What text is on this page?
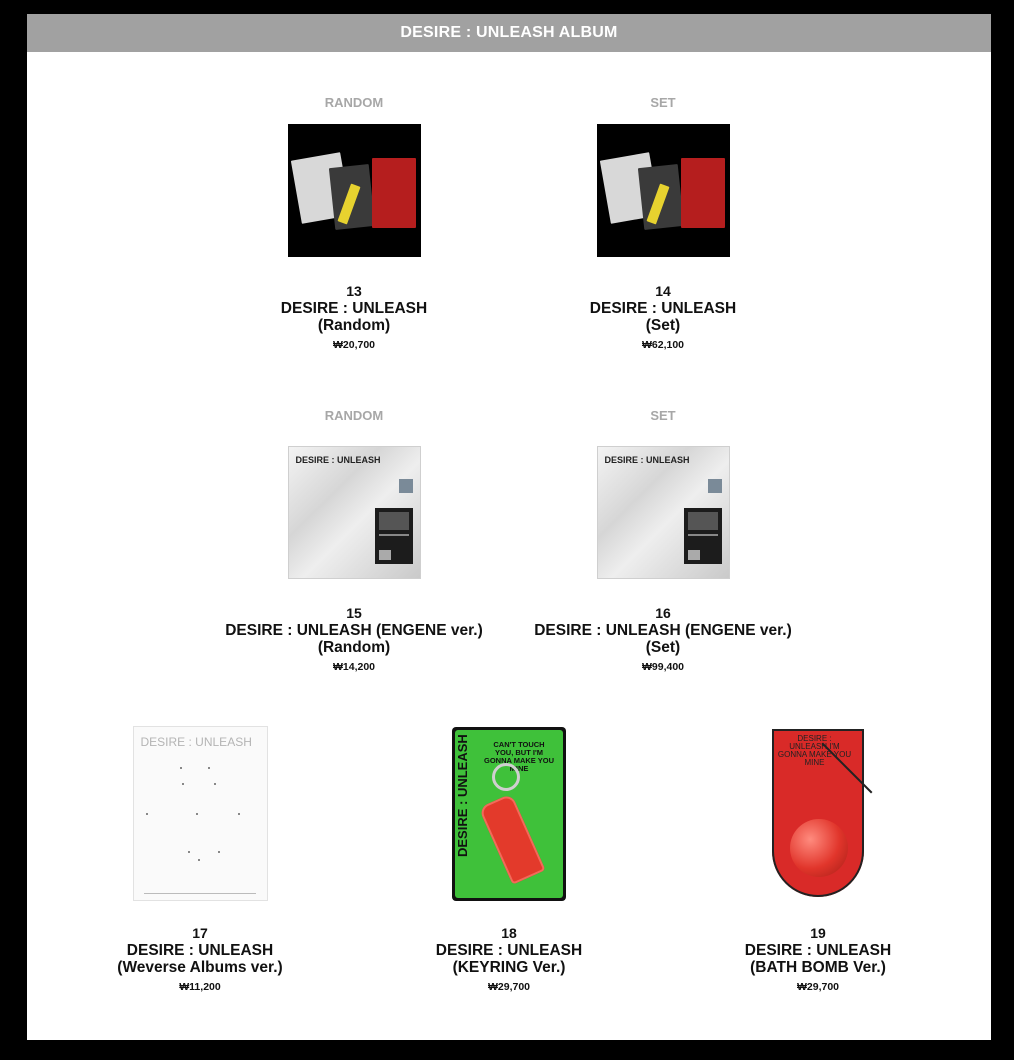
DESIRE : UNLEASH ALBUM
RANDOM
13
DESIRE : UNLEASH
(Random)
₩20,700
SET
14
DESIRE : UNLEASH
(Set)
₩62,100
RANDOM
DESIRE : UNLEASH
15
DESIRE : UNLEASH (ENGENE ver.)
(Random)
₩14,200
SET
DESIRE : UNLEASH
16
DESIRE : UNLEASH (ENGENE ver.)
(Set)
₩99,400
DESIRE : UNLEASH
17
DESIRE : UNLEASH
(Weverse Albums ver.)
₩11,200
DESIRE : UNLEASH	CAN'T TOUCH YOU, BUT I'M GONNA MAKE YOU MINE
18
DESIRE : UNLEASH
(KEYRING Ver.)
₩29,700
DESIRE : UNLEASH I'M GONNA MAKE YOU MINE
19
DESIRE : UNLEASH
(BATH BOMB Ver.)
₩29,700
